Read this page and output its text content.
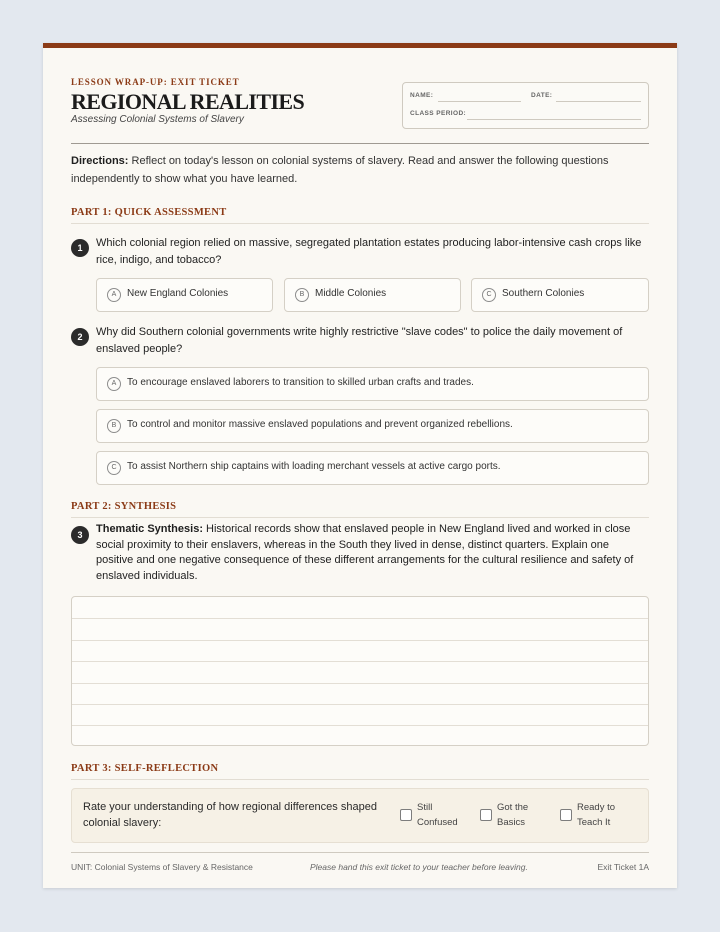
LESSON WRAP-UP: EXIT TICKET
REGIONAL REALITIES
Assessing Colonial Systems of Slavery
NAME:	DATE:
CLASS PERIOD:
Directions: Reflect on today's lesson on colonial systems of slavery. Read and answer the following questions independently to show what you have learned.
PART 1: QUICK ASSESSMENT
1	Which colonial region relied on massive, segregated plantation estates producing labor-intensive cash crops like rice, indigo, and tobacco?
A	New England Colonies	B	Middle Colonies	C	Southern Colonies
2	Why did Southern colonial governments write highly restrictive "slave codes" to police the daily movement of enslaved people?
A	To encourage enslaved laborers to transition to skilled urban crafts and trades.
B	To control and monitor massive enslaved populations and prevent organized rebellions.
C	To assist Northern ship captains with loading merchant vessels at active cargo ports.
PART 2: SYNTHESIS
3	Thematic Synthesis: Historical records show that enslaved people in New England lived and worked in close social proximity to their enslavers, whereas in the South they lived in dense, distinct quarters. Explain one positive and one negative consequence of these different arrangements for the cultural resilience and safety of enslaved individuals.
PART 3: SELF-REFLECTION
Rate your understanding of how regional differences shaped colonial slavery:
Still
Confused
Got the
Basics
Ready to
Teach It
UNIT: Colonial Systems of Slavery & Resistance	Please hand this exit ticket to your teacher before leaving.	Exit Ticket 1A
